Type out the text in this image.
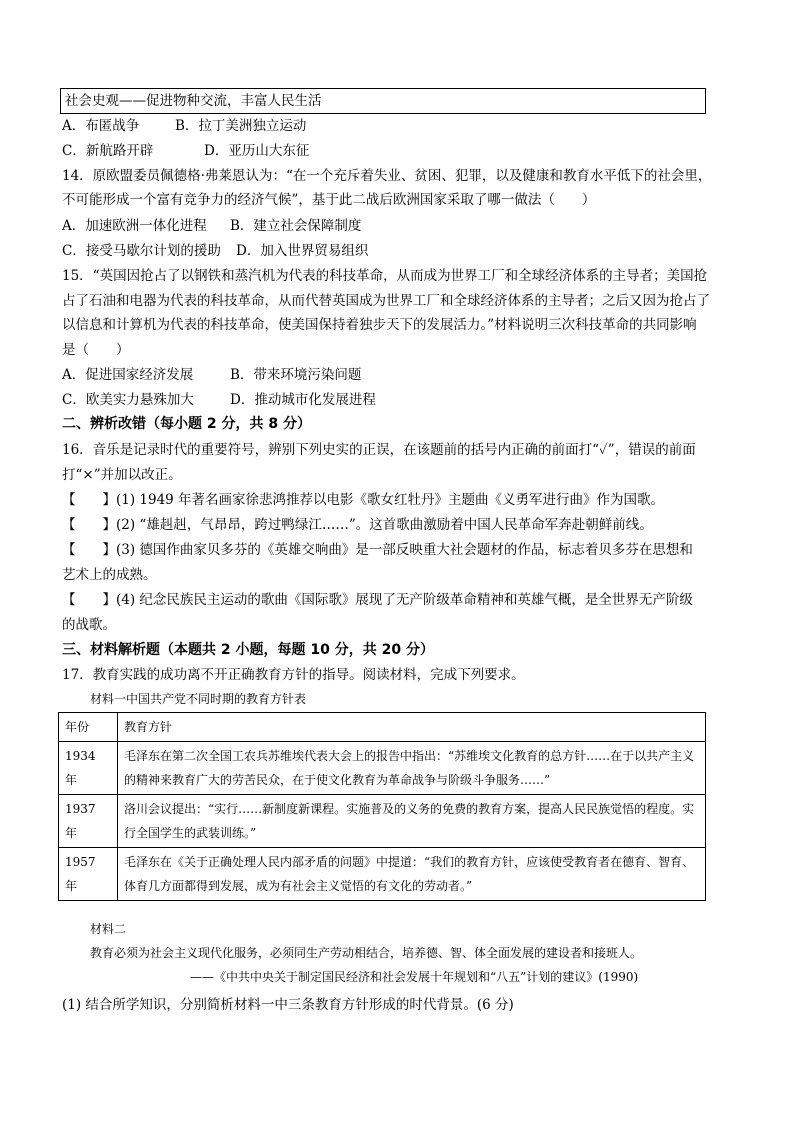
社会史观——促进物种交流，丰富人民生活
A．布匿战争	B．拉丁美洲独立运动
C．新航路开辟	D．亚历山大东征
14．原欧盟委员佩德格·弗莱恩认为：“在一个充斥着失业、贫困、犯罪，以及健康和教育水平低下的社会里，
不可能形成一个富有竞争力的经济气候”，基于此二战后欧洲国家采取了哪一做法（　　）
A．加速欧洲一体化进程 B．建立社会保障制度
C．接受马歇尔计划的援助 D．加入世界贸易组织
15．“英国因抢占了以钢铁和蒸汽机为代表的科技革命，从而成为世界工厂和全球经济体系的主导者；美国抢
占了石油和电器为代表的科技革命，从而代替英国成为世界工厂和全球经济体系的主导者；之后又因为抢占了
以信息和计算机为代表的科技革命，使美国保持着独步天下的发展活力。”材料说明三次科技革命的共同影响
是（　　）
A．促进国家经济发展	B．带来环境污染问题
C．欧美实力悬殊加大	D．推动城市化发展进程
二、辨析改错（每小题 2 分，共 8 分）
16．音乐是记录时代的重要符号，辨别下列史实的正误，在该题前的括号内正确的前面打“✓”，错误的前面
打“×”并加以改正。
【　　】(1) 1949 年著名画家徐悲鸿推荐以电影《歌女红牡丹》主题曲《义勇军进行曲》作为国歌。
【　　】(2) “雄赳赳，气昂昂，跨过鸭绿江……”。这首歌曲激励着中国人民革命军奔赴朝鲜前线。
【　　】(3) 德国作曲家贝多芬的《英雄交响曲》是一部反映重大社会题材的作品，标志着贝多芬在思想和
艺术上的成熟。
【　　】(4) 纪念民族民主运动的歌曲《国际歌》展现了无产阶级革命精神和英雄气概，是全世界无产阶级
的战歌。
三、材料解析题（本题共 2 小题，每题 10 分，共 20 分）
17．教育实践的成功离不开正确教育方针的指导。阅读材料，完成下列要求。
材料一中国共产党不同时期的教育方针表
年份	教育方针
1934 年	毛泽东在第二次全国工农兵苏维埃代表大会上的报告中指出：“苏维埃文化教育的总方针……在于以共产主义的精神来教育广大的劳苦民众，在于使文化教育为革命战争与阶级斗争服务……”
1937 年	洛川会议提出：“实行……新制度新课程。实施普及的义务的免费的教育方案，提高人民民族觉悟的程度。实行全国学生的武装训练。”
1957 年	毛泽东在《关于正确处理人民内部矛盾的问题》中提道：“我们的教育方针，应该使受教育者在德育、智育、体育几方面都得到发展，成为有社会主义觉悟的有文化的劳动者。”
材料二
教育必须为社会主义现代化服务，必须同生产劳动相结合，培养德、智、体全面发展的建设者和接班人。
——《中共中央关于制定国民经济和社会发展十年规划和“八五”计划的建议》(1990)
(1) 结合所学知识，分别简析材料一中三条教育方针形成的时代背景。(6 分)
